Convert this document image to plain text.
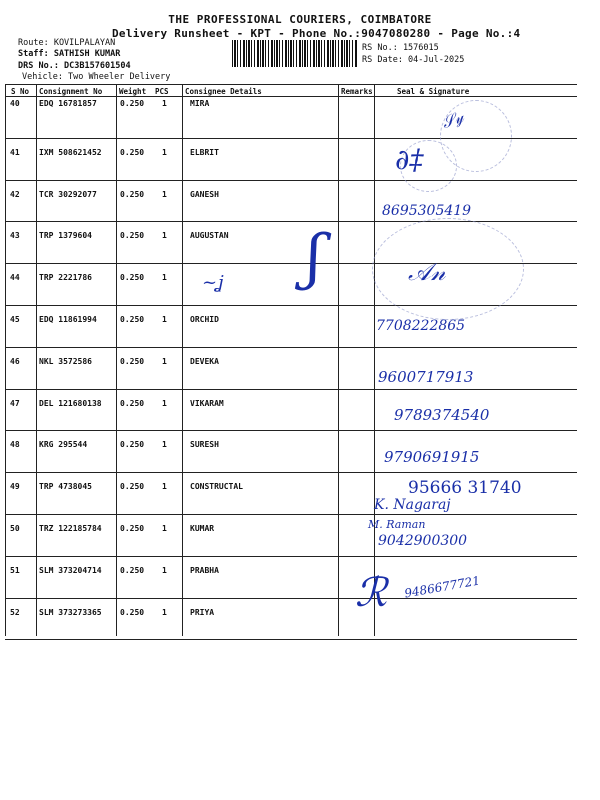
THE PROFESSIONAL COURIERS, COIMBATORE
Delivery Runsheet - KPT - Phone No.:9047080280 - Page No.:4
Route: KOVILPALAYAN
Staff: SATHISH KUMAR
DRS No.: DC3B157601504
Vehicle: Two Wheeler Delivery
RS No.: 1576015
RS Date: 04-Jul-2025
S No Consignment No Weight PCS Consignee Details	Remarks	Seal & Signature
40 EDQ 16781857	0.250 1	MIRA
41 IXM 508621452 0.250 1	ELBRIT
42 TCR 30292077	0.250 1	GANESH
43 TRP 1379604	0.250 1	AUGUSTAN
44 TRP 2221786	0.250 1
45 EDQ 11861994	0.250 1	ORCHID
46 NKL 3572586	0.250 1	DEVEKA
47 DEL 121680138 0.250 1	VIKARAM
48 KRG 295544	0.250 1	SURESH
49 TRP 4738045	0.250 1	CONSTRUCTAL
50 TRZ 122185784 0.250 1	KUMAR
51 SLM 373204714 0.250 1	PRABHA
52 SLM 373273365 0.250 1	PRIYA
𝒮𝓎
∂‡
8695305419
𝒜𝓃
~ʝ ʃ
7708222865
9600717913
9789374540
9790691915
95666 31740
K. Nagaraj
M. Raman
9042900300
ℛ 9486677721
